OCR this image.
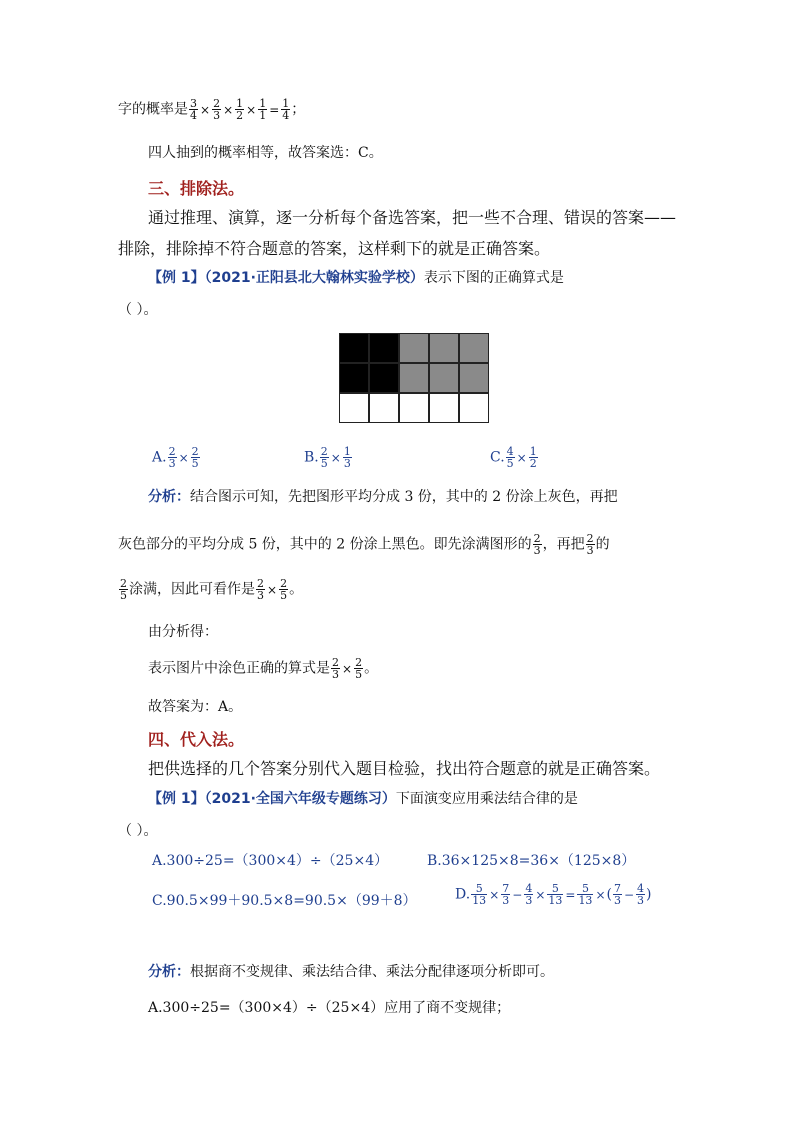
字的概率是 $\frac{3}{4} \times \frac{2}{3} \times \frac{1}{2} \times \frac{1}{1} = \frac{1}{4}$ ；
四人抽到的概率相等，故答案选：C。
三、排除法。
通过推理、演算，逐一分析每个备选答案，把一些不合理、错误的答案——
排除，排除掉不符合题意的答案，这样剩下的就是正确答案。
【例 1】（2021·正阳县北大翰林实验学校）表示下图的正确算式是
（ ）。
A. $\frac{2}{3} \times \frac{2}{5}$	B. $\frac{2}{5} \times \frac{1}{3}$	C. $\frac{4}{5} \times \frac{1}{2}$
分析：结合图示可知，先把图形平均分成 3 份，其中的 2 份涂上灰色，再把
灰色部分的平均分成 5 份，其中的 2 份涂上黑色。即先涂满图形的 $\frac{2}{3}$ ，再把 $\frac{2}{3}$ 的
$\frac{2}{5}$ 涂满，因此可看作是 $\frac{2}{3} \times \frac{2}{5}$ 。
由分析得：
表示图片中涂色正确的算式是 $\frac{2}{3} \times \frac{2}{5}$ 。
故答案为：A。
四、代入法。
把供选择的几个答案分别代入题目检验，找出符合题意的就是正确答案。
【例 1】（2021·全国六年级专题练习）下面演变应用乘法结合律的是
（ ）。
A.300÷25=（300×4）÷（25×4）	B.36×125×8=36×（125×8）
C.90.5×99＋90.5×8=90.5×（99＋8）	D. $\frac{5}{13} \times \frac{7}{3} - \frac{4}{3} \times \frac{5}{13} = \frac{5}{13}$ ×( $\frac{7}{3} - \frac{4}{3}$ )
分析：根据商不变规律、乘法结合律、乘法分配律逐项分析即可。
A.300÷25=（300×4）÷（25×4）应用了商不变规律；
